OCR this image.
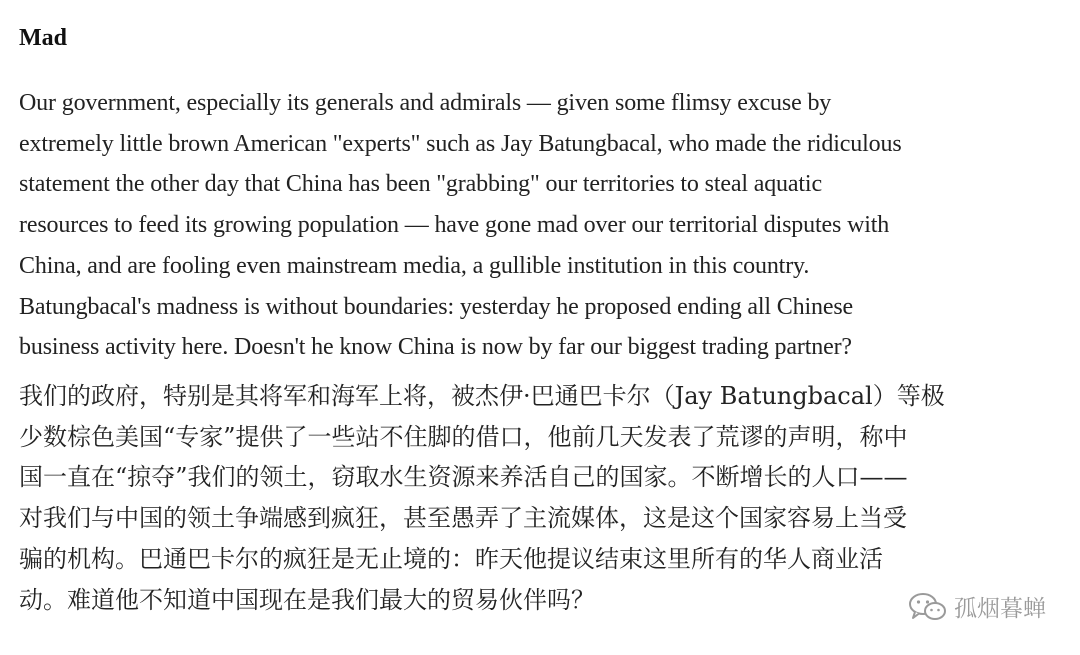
Mad

Our government, especially its generals and admirals — given some flimsy excuse by
extremely little brown American "experts" such as Jay Batungbacal, who made the ridiculous
statement the other day that China has been "grabbing" our territories to steal aquatic
resources to feed its growing population — have gone mad over our territorial disputes with
China, and are fooling even mainstream media, a gullible institution in this country.
Batungbacal's madness is without boundaries: yesterday he proposed ending all Chinese
business activity here. Doesn't he know China is now by far our biggest trading partner?

我们的政府，特别是其将军和海军上将，被杰伊·巴通巴卡尔（Jay Batungbacal）等极
少数棕色美国“专家”提供了一些站不住脚的借口，他前几天发表了荒谬的声明，称中
国一直在“掠夺”我们的领土，窃取水生资源来养活自己的国家。不断增长的人口——
对我们与中国的领土争端感到疯狂，甚至愚弄了主流媒体，这是这个国家容易上当受
骗的机构。巴通巴卡尔的疯狂是无止境的：昨天他提议结束这里所有的华人商业活
动。难道他不知道中国现在是我们最大的贸易伙伴吗？	孤烟暮蝉
